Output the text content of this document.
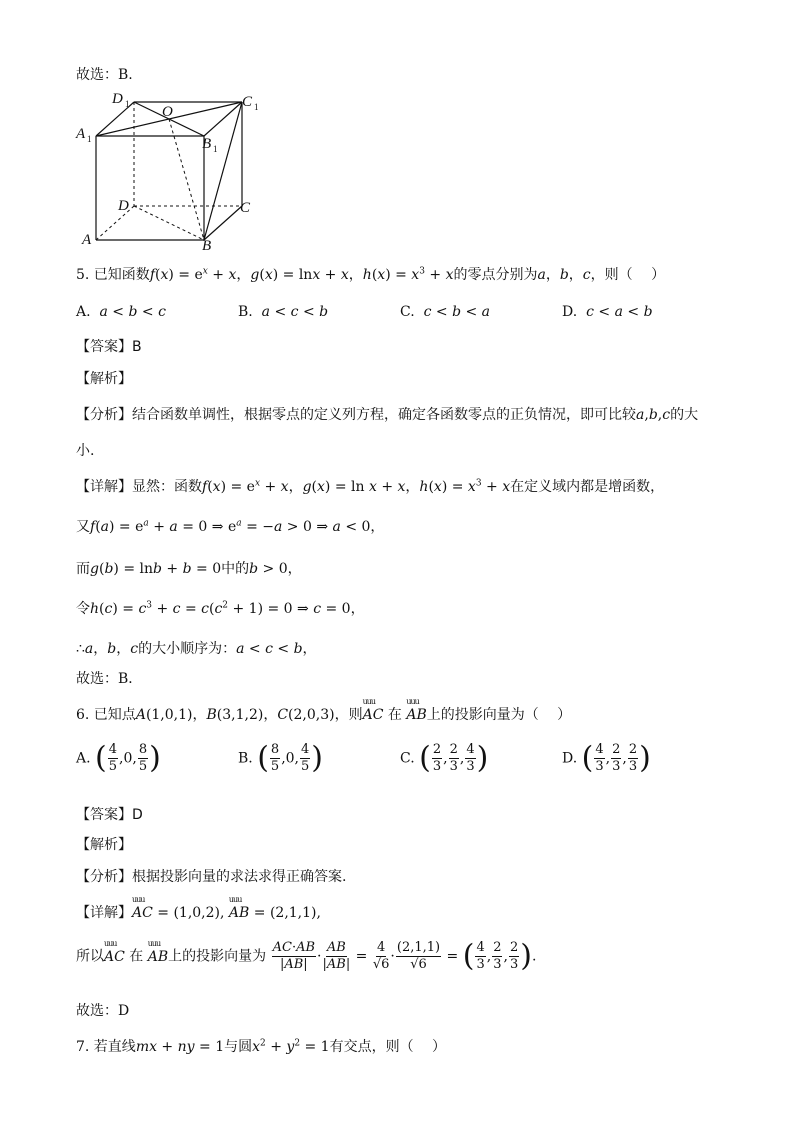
故选：B.
D 1 O
C 1
A 1	B 1
D	C
A	B
5. 已知函数$f(x) = e^x + x$，g(x) = lnx + x，$h(x) = x^3 + x$的零点分别为a，b，c，则（　 ）
A. a < b < c	B. a < c < b	C. c < b < a	D. c < a < b
【答案】B
【解析】
【分析】结合函数单调性，根据零点的定义列方程，确定各函数零点的正负情况，即可比较a,b,c的大
小.
【详解】显然：函数$f(x) = e^x + x$，g(x) = ln x + x，$h(x) = x^3 + x$在定义域内都是增函数，
又$f(a) = e^a + a = 0$ ⇒ $e^a = -a > 0$ ⇒ a < 0，
而g(b) = lnb + b = 0中的b > 0，
令$h(c) = c^3 + c = c(c^2 + 1) = 0$ ⇒ c = 0，
∴a，b，c的大小顺序为：a < c < b，
故选：B．
6. 已知点A(1,0,1)，B(3,1,2)，C(2,0,3)，则uuu AC 在 uuu AB上的投影向量为（　 ）
A. ( $\frac{4}{5} ,0$, $\frac{8}{5}$ )	B. ( $\frac{8}{5} ,0$, $\frac{4}{5}$ )	C. ( $\frac{2}{3}$ , $\frac{2}{3}$ , $\frac{4}{3}$ )	D. ( $\frac{4}{3}$ , $\frac{2}{3}$ , $\frac{2}{3}$ )
【答案】D
【解析】
【分析】根据投影向量的求法求得正确答案.
【详解】uuu AC = (1,0,2), uuu AB = (2,1,1),
所以uuu AC 在 uuu AB上的投影向量为 $\frac{AC\cdot AB}{|AB|} \cdot \frac{AB}{|AB|} = \frac{4}{√6} \cdot \frac{(2,1,1)}{√6}$ = ( $\frac{4}{3}$ , $\frac{2}{3}$ , $\frac{2}{3}$ ).
故选：D
7. 若直线mx + ny = 1与圆$x^2 + y^2 = 1$有交点，则（　 ）
